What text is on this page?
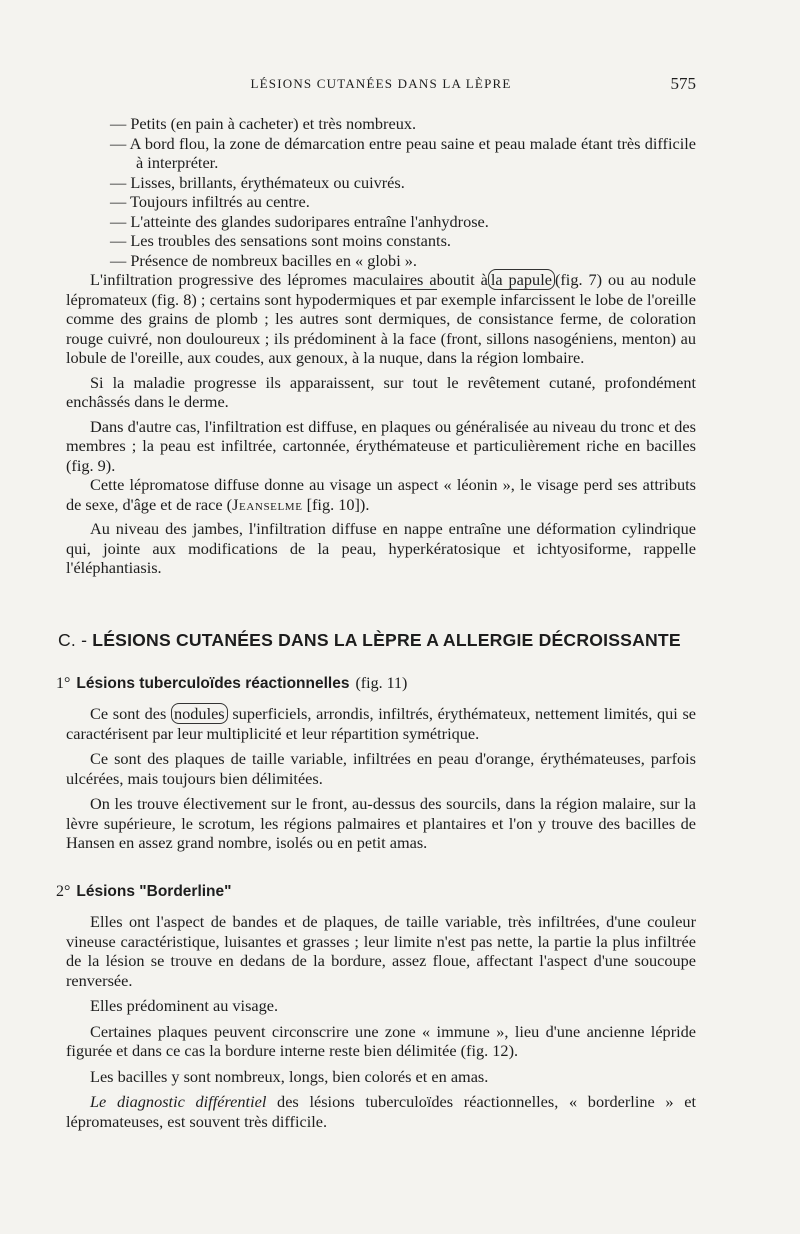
LÉSIONS CUTANÉES DANS LA LÈPRE	575
— Petits (en pain à cacheter) et très nombreux.
— A bord flou, la zone de démarcation entre peau saine et peau malade étant très difficile à interpréter.
— Lisses, brillants, érythémateux ou cuivrés.
— Toujours infiltrés au centre.
— L'atteinte des glandes sudoripares entraîne l'anhydrose.
— Les troubles des sensations sont moins constants.
— Présence de nombreux bacilles en « globi ».

L'infiltration progressive des lépromes maculaires aboutit à la papule (fig. 7) ou au nodule lépromateux (fig. 8) ; certains sont hypodermiques et par exemple infarcissent le lobe de l'oreille comme des grains de plomb ; les autres sont dermiques, de consistance ferme, de coloration rouge cuivré, non douloureux ; ils prédominent à la face (front, sillons nasogéniens, menton) au lobule de l'oreille, aux coudes, aux genoux, à la nuque, dans la région lombaire.

Si la maladie progresse ils apparaissent, sur tout le revêtement cutané, profondément enchâssés dans le derme.

Dans d'autre cas, l'infiltration est diffuse, en plaques ou généralisée au niveau du tronc et des membres ; la peau est infiltrée, cartonnée, érythémateuse et particulièrement riche en bacilles (fig. 9).

Cette lépromatose diffuse donne au visage un aspect « léonin », le visage perd ses attributs de sexe, d'âge et de race (Jeanselme [fig. 10]).

Au niveau des jambes, l'infiltration diffuse en nappe entraîne une déformation cylindrique qui, jointe aux modifications de la peau, hyperkératosique et ichtyosiforme, rappelle l'éléphantiasis.

C. - LÉSIONS CUTANÉES DANS LA LÈPRE A ALLERGIE DÉCROISSANTE
1° Lésions tuberculoïdes réactionnelles (fig. 11)

Ce sont des nodules superficiels, arrondis, infiltrés, érythémateux, nettement limités, qui se caractérisent par leur multiplicité et leur répartition symétrique.

Ce sont des plaques de taille variable, infiltrées en peau d'orange, érythémateuses, parfois ulcérées, mais toujours bien délimitées.

On les trouve électivement sur le front, au-dessus des sourcils, dans la région malaire, sur la lèvre supérieure, le scrotum, les régions palmaires et plantaires et l'on y trouve des bacilles de Hansen en assez grand nombre, isolés ou en petit amas.

2° Lésions "Borderline"

Elles ont l'aspect de bandes et de plaques, de taille variable, très infiltrées, d'une couleur vineuse caractéristique, luisantes et grasses ; leur limite n'est pas nette, la partie la plus infiltrée de la lésion se trouve en dedans de la bordure, assez floue, affectant l'aspect d'une soucoupe renversée.

Elles prédominent au visage.

Certaines plaques peuvent circonscrire une zone « immune », lieu d'une ancienne lépride figurée et dans ce cas la bordure interne reste bien délimitée (fig. 12).

Les bacilles y sont nombreux, longs, bien colorés et en amas.

Le diagnostic différentiel des lésions tuberculoïdes réactionnelles, « borderline » et lépromateuses, est souvent très difficile.
